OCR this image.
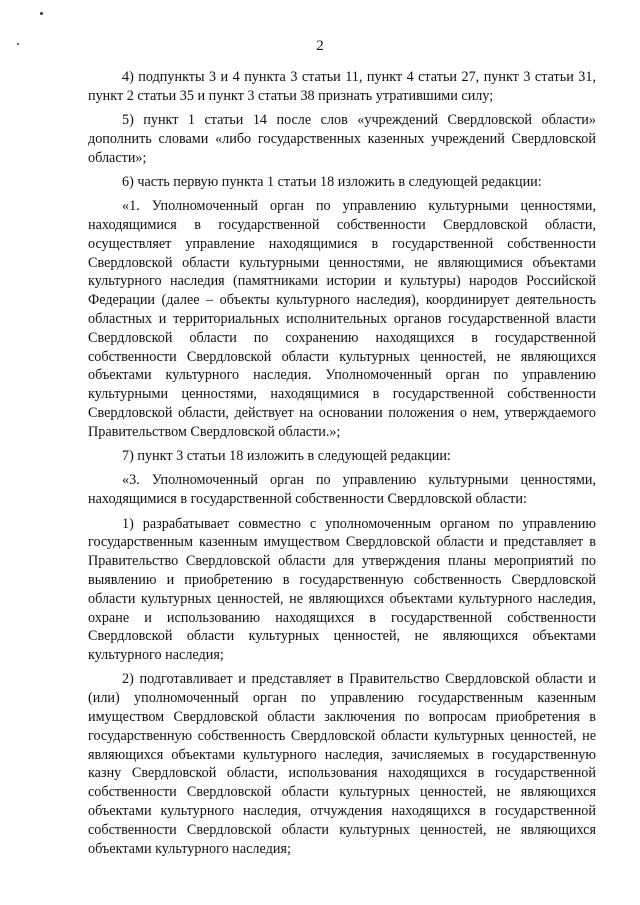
2

4) подпункты 3 и 4 пункта 3 статьи 11, пункт 4 статьи 27, пункт 3 статьи 31, пункт 2 статьи 35 и пункт 3 статьи 38 признать утратившими силу;

5) пункт 1 статьи 14 после слов «учреждений Свердловской области» дополнить словами «либо государственных казенных учреждений Свердловской области»;

6) часть первую пункта 1 статьи 18 изложить в следующей редакции:

«1. Уполномоченный орган по управлению культурными ценностями, находящимися в государственной собственности Свердловской области, осуществляет управление находящимися в государственной собственности Свердловской области культурными ценностями, не являющимися объектами культурного наследия (памятниками истории и культуры) народов Российской Федерации (далее – объекты культурного наследия), координирует деятельность областных и территориальных исполнительных органов государственной власти Свердловской области по сохранению находящихся в государственной собственности Свердловской области культурных ценностей, не являющихся объектами культурного наследия. Уполномоченный орган по управлению культурными ценностями, находящимися в государственной собственности Свердловской области, действует на основании положения о нем, утверждаемого Правительством Свердловской области.»;

7) пункт 3 статьи 18 изложить в следующей редакции:

«3. Уполномоченный орган по управлению культурными ценностями, находящимися в государственной собственности Свердловской области:

1) разрабатывает совместно с уполномоченным органом по управлению государственным казенным имуществом Свердловской области и представляет в Правительство Свердловской области для утверждения планы мероприятий по выявлению и приобретению в государственную собственность Свердловской области культурных ценностей, не являющихся объектами культурного наследия, охране и использованию находящихся в государственной собственности Свердловской области культурных ценностей, не являющихся объектами культурного наследия;

2) подготавливает и представляет в Правительство Свердловской области и (или) уполномоченный орган по управлению государственным казенным имуществом Свердловской области заключения по вопросам приобретения в государственную собственность Свердловской области культурных ценностей, не являющихся объектами культурного наследия, зачисляемых в государственную казну Свердловской области, использования находящихся в государственной собственности Свердловской области культурных ценностей, не являющихся объектами культурного наследия, отчуждения находящихся в государственной собственности Свердловской области культурных ценностей, не являющихся объектами культурного наследия;
